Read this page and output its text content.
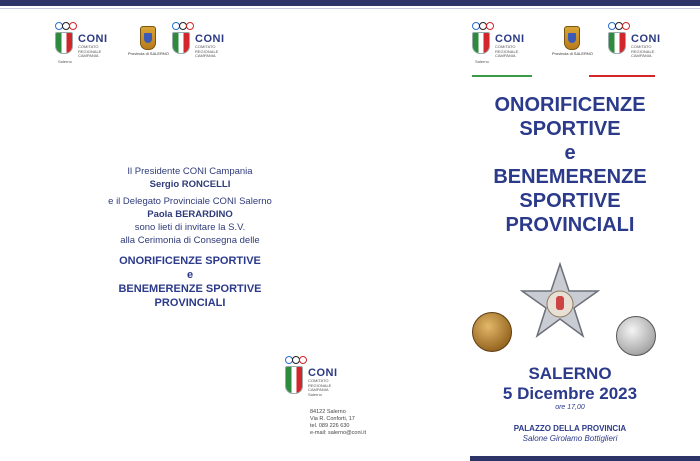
CONI
COMITATO
REGIONALE
CAMPANIA
Salerno
Provincia di SALERNO
CONI
COMITATO
REGIONALE
CAMPANIA
Il Presidente CONI Campania
Sergio RONCELLI
e il Delegato Provinciale CONI Salerno
Paola BERARDINO
sono lieti di invitare la S.V.
alla Cerimonia di Consegna delle
ONORIFICENZE SPORTIVE
e
BENEMERENZE SPORTIVE
PROVINCIALI
CONI
COMITATO
REGIONALE
CAMPANIA
Salerno
84122 Salerno
Via R. Conforti, 17
tel. 089 226 630
e-mail: salerno@coni.it
CONI
COMITATO
REGIONALE
CAMPANIA
Salerno
Provincia di SALERNO
CONI
COMITATO
REGIONALE
CAMPANIA
ONORIFICENZE
SPORTIVE
e
BENEMERENZE
SPORTIVE
PROVINCIALI
SALERNO
5 Dicembre 2023
ore 17,00
PALAZZO DELLA PROVINCIA
Salone Girolamo Bottiglieri
